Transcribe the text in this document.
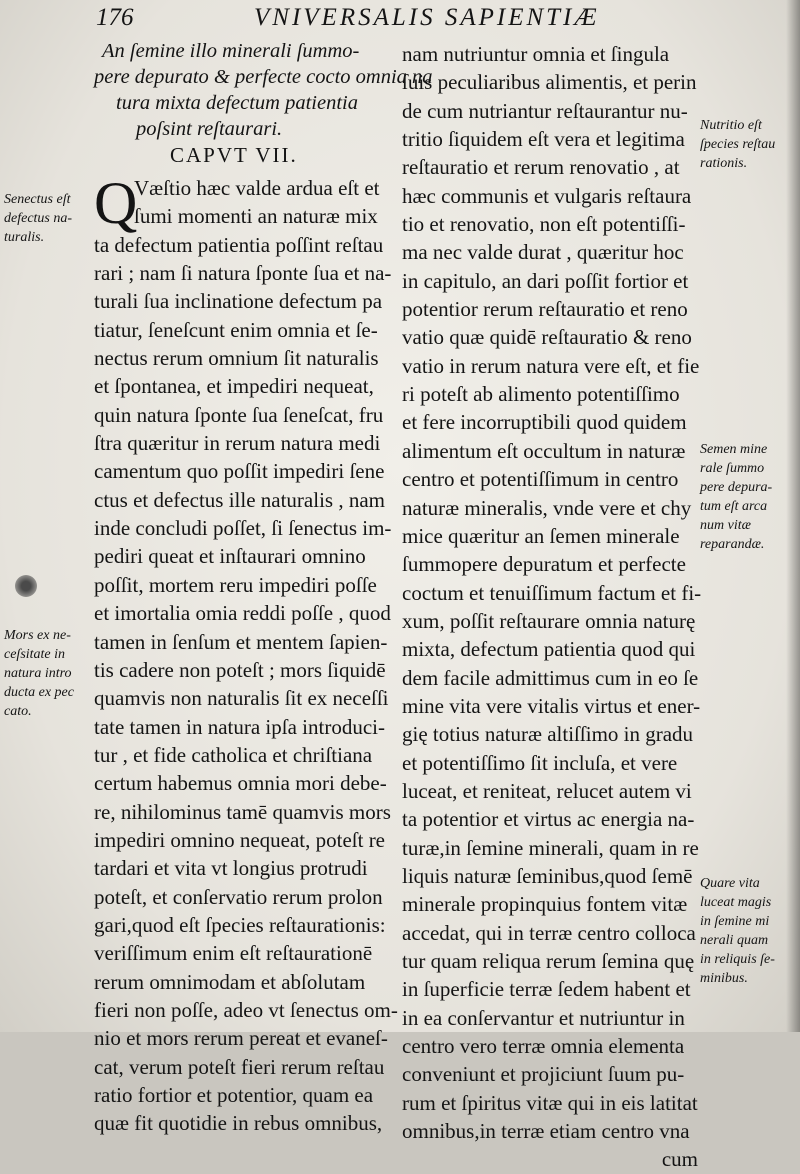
176	VNIVERSALIS SAPIENTIÆ
An ſemine illo minerali ſummo-
pere depurato & perfecte cocto omnia na
tura mixta defectum patientia
poſsint reſtaurari.
CAPVT VII.
Q
Væſtio hæc valde ardua eſt et
ſumi momenti an naturæ mix
ta defectum patientia poſſint reſtau
rari ; nam ſi natura ſponte ſua et na-
turali ſua inclinatione defectum pa
tiatur, ſeneſcunt enim omnia et ſe-
nectus rerum omnium ſit naturalis
et ſpontanea, et impediri nequeat,
quin natura ſponte ſua ſeneſcat, fru
ſtra quæritur in rerum natura medi
camentum quo poſſit impediri ſene
ctus et defectus ille naturalis , nam
inde concludi poſſet, ſi ſenectus im-
pediri queat et inſtaurari omnino
poſſit, mortem reru impediri poſſe
et imortalia omia reddi poſſe , quod
tamen in ſenſum et mentem ſapien-
tis cadere non poteſt ; mors ſiquidē
quamvis non naturalis ſit ex neceſſi
tate tamen in natura ipſa introduci-
tur , et fide catholica et chriſtiana
certum habemus omnia mori debe-
re, nihilominus tamē quamvis mors
impediri omnino nequeat, poteſt re
tardari et vita vt longius protrudi
poteſt, et conſervatio rerum prolon
gari,quod eſt ſpecies reſtaurationis:
veriſſimum enim eſt reſtaurationē
rerum omnimodam et abſolutam
fieri non poſſe, adeo vt ſenectus om-
nio et mors rerum pereat et evaneſ-
cat, verum poteſt fieri rerum reſtau
ratio fortior et potentior, quam ea
quæ fit quotidie in rebus omnibus,
nam nutriuntur omnia et ſingula
ſuis peculiaribus alimentis, et perin
de cum nutriantur reſtaurantur nu-
tritio ſiquidem eſt vera et legitima
reſtauratio et rerum renovatio , at
hæc communis et vulgaris reſtaura
tio et renovatio, non eſt potentiſſi-
ma nec valde durat , quæritur hoc
in capitulo, an dari poſſit fortior et
potentior rerum reſtauratio et reno
vatio quæ quidē reſtauratio & reno
vatio in rerum natura vere eſt, et fie
ri poteſt ab alimento potentiſſimo
et fere incorruptibili quod quidem
alimentum eſt occultum in naturæ
centro et potentiſſimum in centro
naturæ mineralis, vnde vere et chy
mice quæritur an ſemen minerale
ſummopere depuratum et perfecte
coctum et tenuiſſimum factum et fi-
xum, poſſit reſtaurare omnia naturę
mixta, defectum patientia quod qui
dem facile admittimus cum in eo ſe
mine vita vere vitalis virtus et ener-
gię totius naturæ altiſſimo in gradu
et potentiſſimo ſit incluſa, et vere
luceat, et reniteat, relucet autem vi
ta potentior et virtus ac energia na-
turæ,in ſemine minerali, quam in re
liquis naturæ ſeminibus,quod ſemē
minerale propinquius fontem vitæ
accedat, qui in terræ centro colloca
tur quam reliqua rerum ſemina quę
in ſuperficie terræ ſedem habent et
in ea conſervantur et nutriuntur in
centro vero terræ omnia elementa
conveniunt et projiciunt ſuum pu-
rum et ſpiritus vitæ qui in eis latitat
omnibus,in terræ etiam centro vna
cum
Senectus eſt
defectus na-
turalis.
Mors ex ne-
ceſsitate in
natura intro
ducta ex pec
cato.
Nutritio eſt
ſpecies reſtau
rationis.
Semen mine
rale ſummo
pere depura-
tum eſt arca
num vitæ
reparandæ.
Quare vita
luceat magis
in ſemine mi
nerali quam
in reliquis ſe-
minibus.
